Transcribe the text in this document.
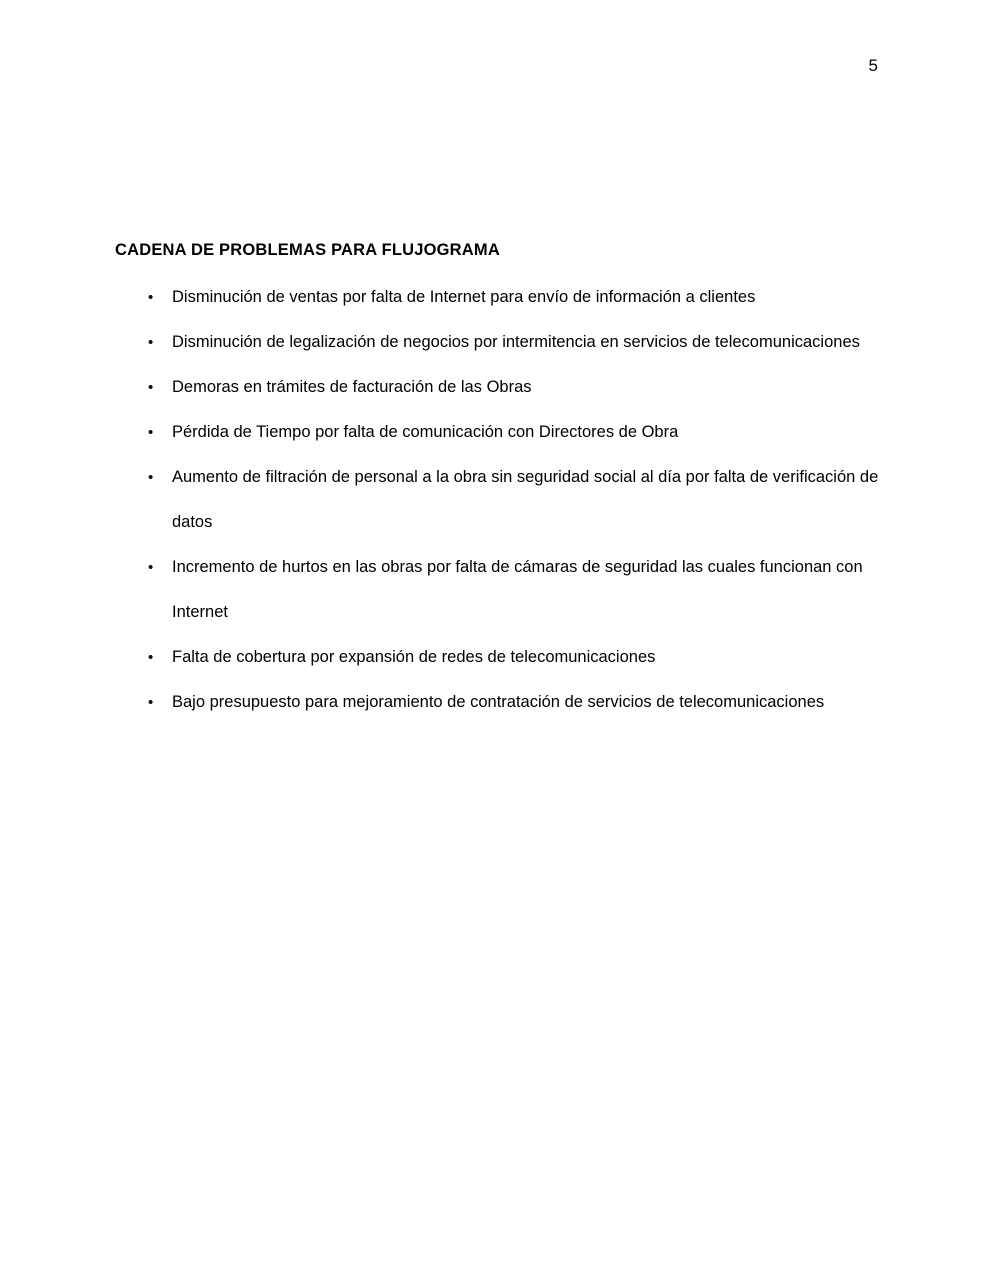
5
CADENA DE PROBLEMAS PARA FLUJOGRAMA
•	Disminución de ventas por falta de Internet para envío de información a clientes
•	Disminución de legalización de negocios por intermitencia en servicios de telecomunicaciones
•	Demoras en trámites de facturación de las Obras
•	Pérdida de Tiempo por falta de comunicación con Directores de Obra
•	Aumento de filtración de personal a la obra sin seguridad social al día por falta de verificación de datos
•	Incremento de hurtos en las obras por falta de cámaras de seguridad las cuales funcionan con Internet
•	Falta de cobertura por expansión de redes de telecomunicaciones
•	Bajo presupuesto para mejoramiento de contratación de servicios de telecomunicaciones
